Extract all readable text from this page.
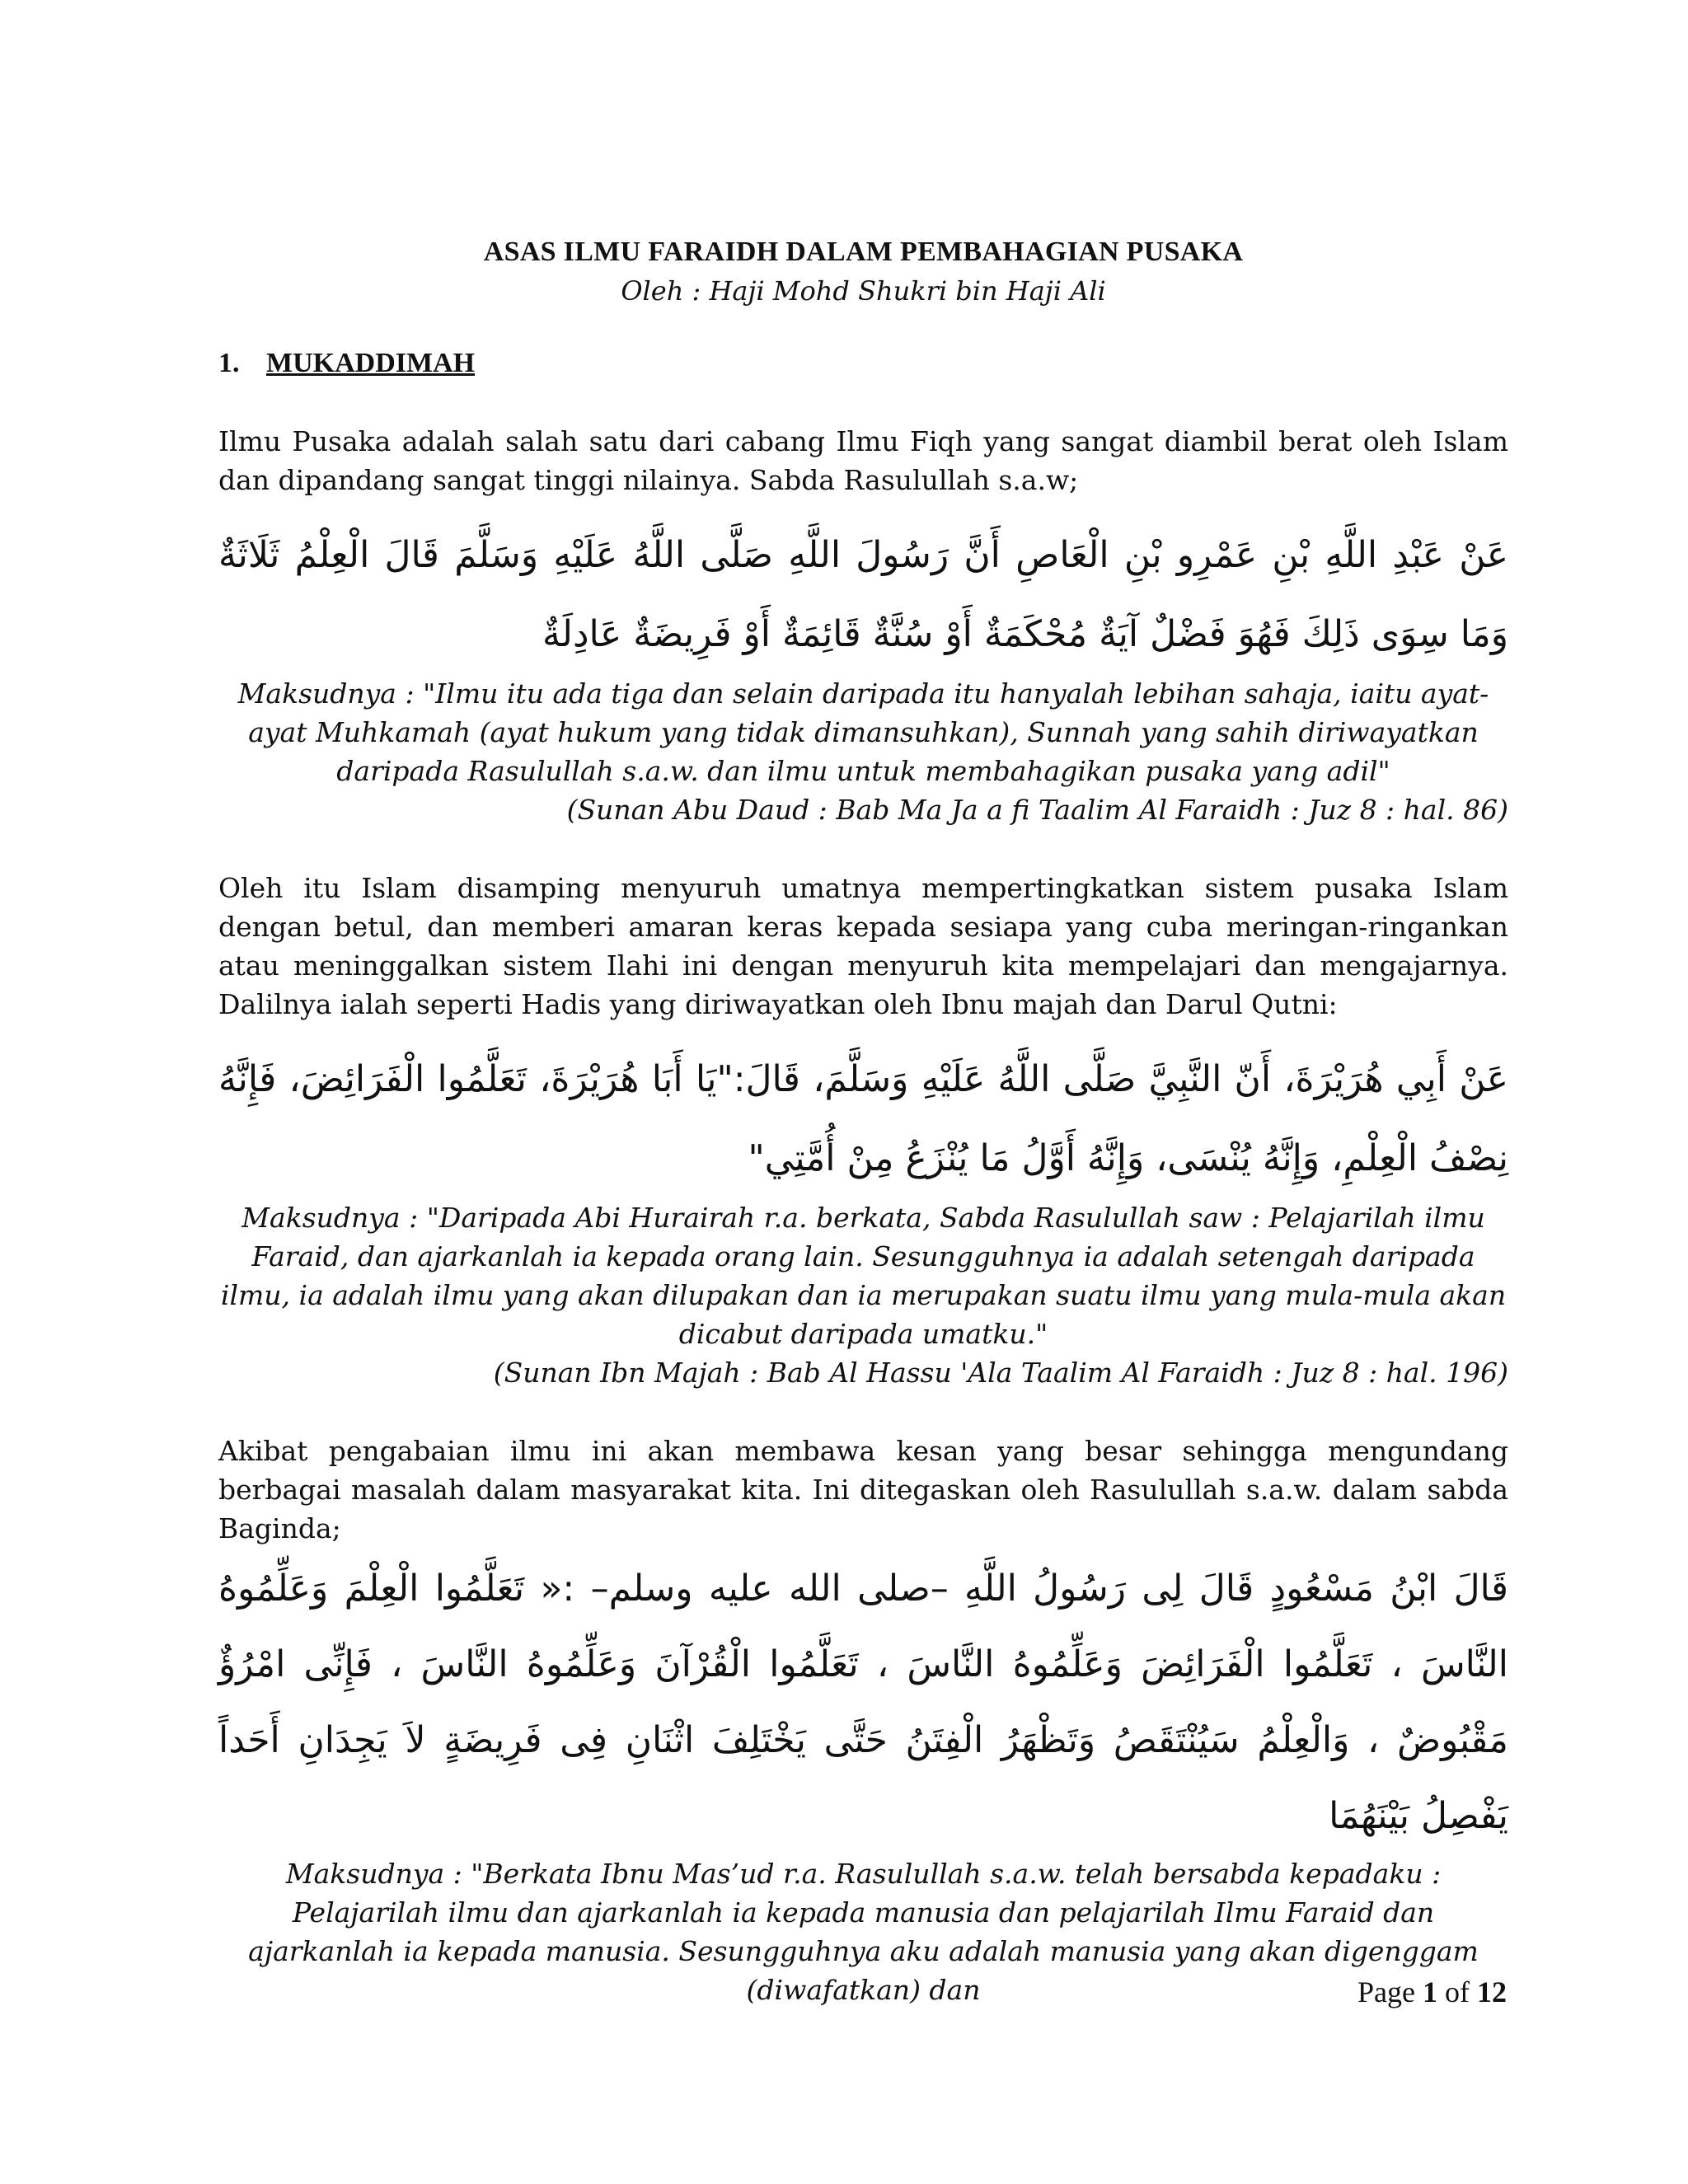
ASAS ILMU FARAIDH DALAM PEMBAHAGIAN PUSAKA
Oleh : Haji Mohd Shukri bin Haji Ali
1. MUKADDIMAH

Ilmu Pusaka adalah salah satu dari cabang Ilmu Fiqh yang sangat diambil berat oleh Islam dan dipandang sangat tinggi nilainya. Sabda Rasulullah s.a.w;

عَنْ عَبْدِ اللَّهِ بْنِ عَمْرِو بْنِ الْعَاصِ أَنَّ رَسُولَ اللَّهِ صَلَّى اللَّهُ عَلَيْهِ وَسَلَّمَ قَالَ الْعِلْمُ ثَلَاثَةٌ وَمَا سِوَى ذَلِكَ فَهُوَ فَضْلٌ آيَةٌ مُحْكَمَةٌ أَوْ سُنَّةٌ قَائِمَةٌ أَوْ فَرِيضَةٌ عَادِلَةٌ
Maksudnya : "Ilmu itu ada tiga dan selain daripada itu hanyalah lebihan sahaja, iaitu ayat-ayat Muhkamah (ayat hukum yang tidak dimansuhkan), Sunnah yang sahih diriwayatkan daripada Rasulullah s.a.w. dan ilmu untuk membahagikan pusaka yang adil"
(Sunan Abu Daud : Bab Ma Ja a fi Taalim Al Faraidh : Juz 8 : hal. 86)

Oleh itu Islam disamping menyuruh umatnya mempertingkatkan sistem pusaka Islam dengan betul, dan memberi amaran keras kepada sesiapa yang cuba meringan-ringankan atau meninggalkan sistem Ilahi ini dengan menyuruh kita mempelajari dan mengajarnya. Dalilnya ialah seperti Hadis yang diriwayatkan oleh Ibnu majah dan Darul Qutni:

عَنْ أَبِي هُرَيْرَةَ، أَنّ النَّبِيَّ صَلَّى اللَّهُ عَلَيْهِ وَسَلَّمَ، قَالَ:"يَا أَبَا هُرَيْرَةَ، تَعَلَّمُوا الْفَرَائِضَ، فَإِنَّهُ نِصْفُ الْعِلْمِ، وَإِنَّهُ يُنْسَى، وَإِنَّهُ أَوَّلُ مَا يُنْزَعُ مِنْ أُمَّتِي"
Maksudnya : "Daripada Abi Hurairah r.a. berkata, Sabda Rasulullah saw : Pelajarilah ilmu Faraid, dan ajarkanlah ia kepada orang lain. Sesungguhnya ia adalah setengah daripada ilmu, ia adalah ilmu yang akan dilupakan dan ia merupakan suatu ilmu yang mula-mula akan dicabut daripada umatku."
(Sunan Ibn Majah : Bab Al Hassu 'Ala Taalim Al Faraidh : Juz 8 : hal. 196)

Akibat pengabaian ilmu ini akan membawa kesan yang besar sehingga mengundang berbagai masalah dalam masyarakat kita. Ini ditegaskan oleh Rasulullah s.a.w. dalam sabda Baginda;

قَالَ ابْنُ مَسْعُودٍ قَالَ لِى رَسُولُ اللَّهِ –صلى الله عليه وسلم– :« تَعَلَّمُوا الْعِلْمَ وَعَلِّمُوهُ النَّاسَ ، تَعَلَّمُوا الْفَرَائِضَ وَعَلِّمُوهُ النَّاسَ ، تَعَلَّمُوا الْقُرْآنَ وَعَلِّمُوهُ النَّاسَ ، فَإِنِّى امْرُؤٌ مَقْبُوضٌ ، وَالْعِلْمُ سَيُنْتَقَصُ وَتَظْهَرُ الْفِتَنُ حَتَّى يَخْتَلِفَ اثْنَانِ فِى فَرِيضَةٍ لاَ يَجِدَانِ أَحَداً يَفْصِلُ بَيْنَهُمَا
Maksudnya : "Berkata Ibnu Mas’ud r.a. Rasulullah s.a.w. telah bersabda kepadaku : Pelajarilah ilmu dan ajarkanlah ia kepada manusia dan pelajarilah Ilmu Faraid dan ajarkanlah ia kepada manusia. Sesungguhnya aku adalah manusia yang akan digenggam (diwafatkan) dan	Page 1 of 12
